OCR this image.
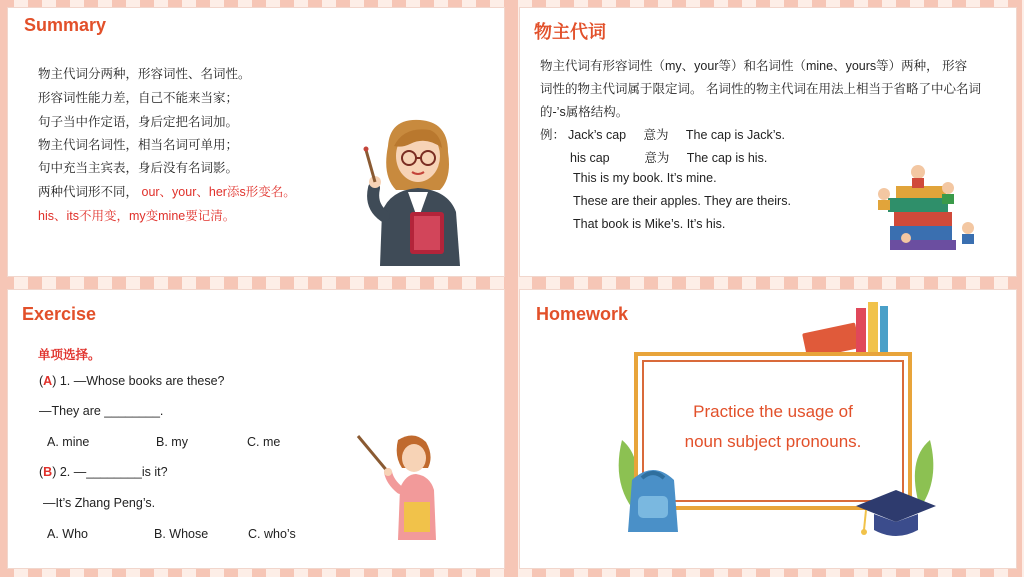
Summary
物主代词分两种，形容词性、名词性。
形容词性能力差，自己不能来当家；
句子当中作定语，身后定把名词加。
物主代词名词性，相当名词可单用；
句中充当主宾表，身后没有名词影。
两种代词形不同， our、your、her添s形变名。
his、its不用变，my变mine要记清。
物主代词
物主代词有形容词性（my、your等）和名词性（mine、yours等）两种， 形容
词性的物主代词属于限定词。 名词性的物主代词在用法上相当于省略了中心名词
的-’s属格结构。
例： Jack’s cap     意为     The cap is Jack’s.
his cap          意为     The cap is his.
This is my book. It’s mine.
These are their apples. They are theirs.
That book is Mike’s. It’s his.
Exercise
单项选择。
(A) 1. —Whose books are these?
—They are ________.
A. mine	B. my	C. me
(B) 2. —________is it?
—It’s Zhang Peng’s.
A. Who	B. Whose	C. who’s
Homework
Practice the usage of
noun subject pronouns.
